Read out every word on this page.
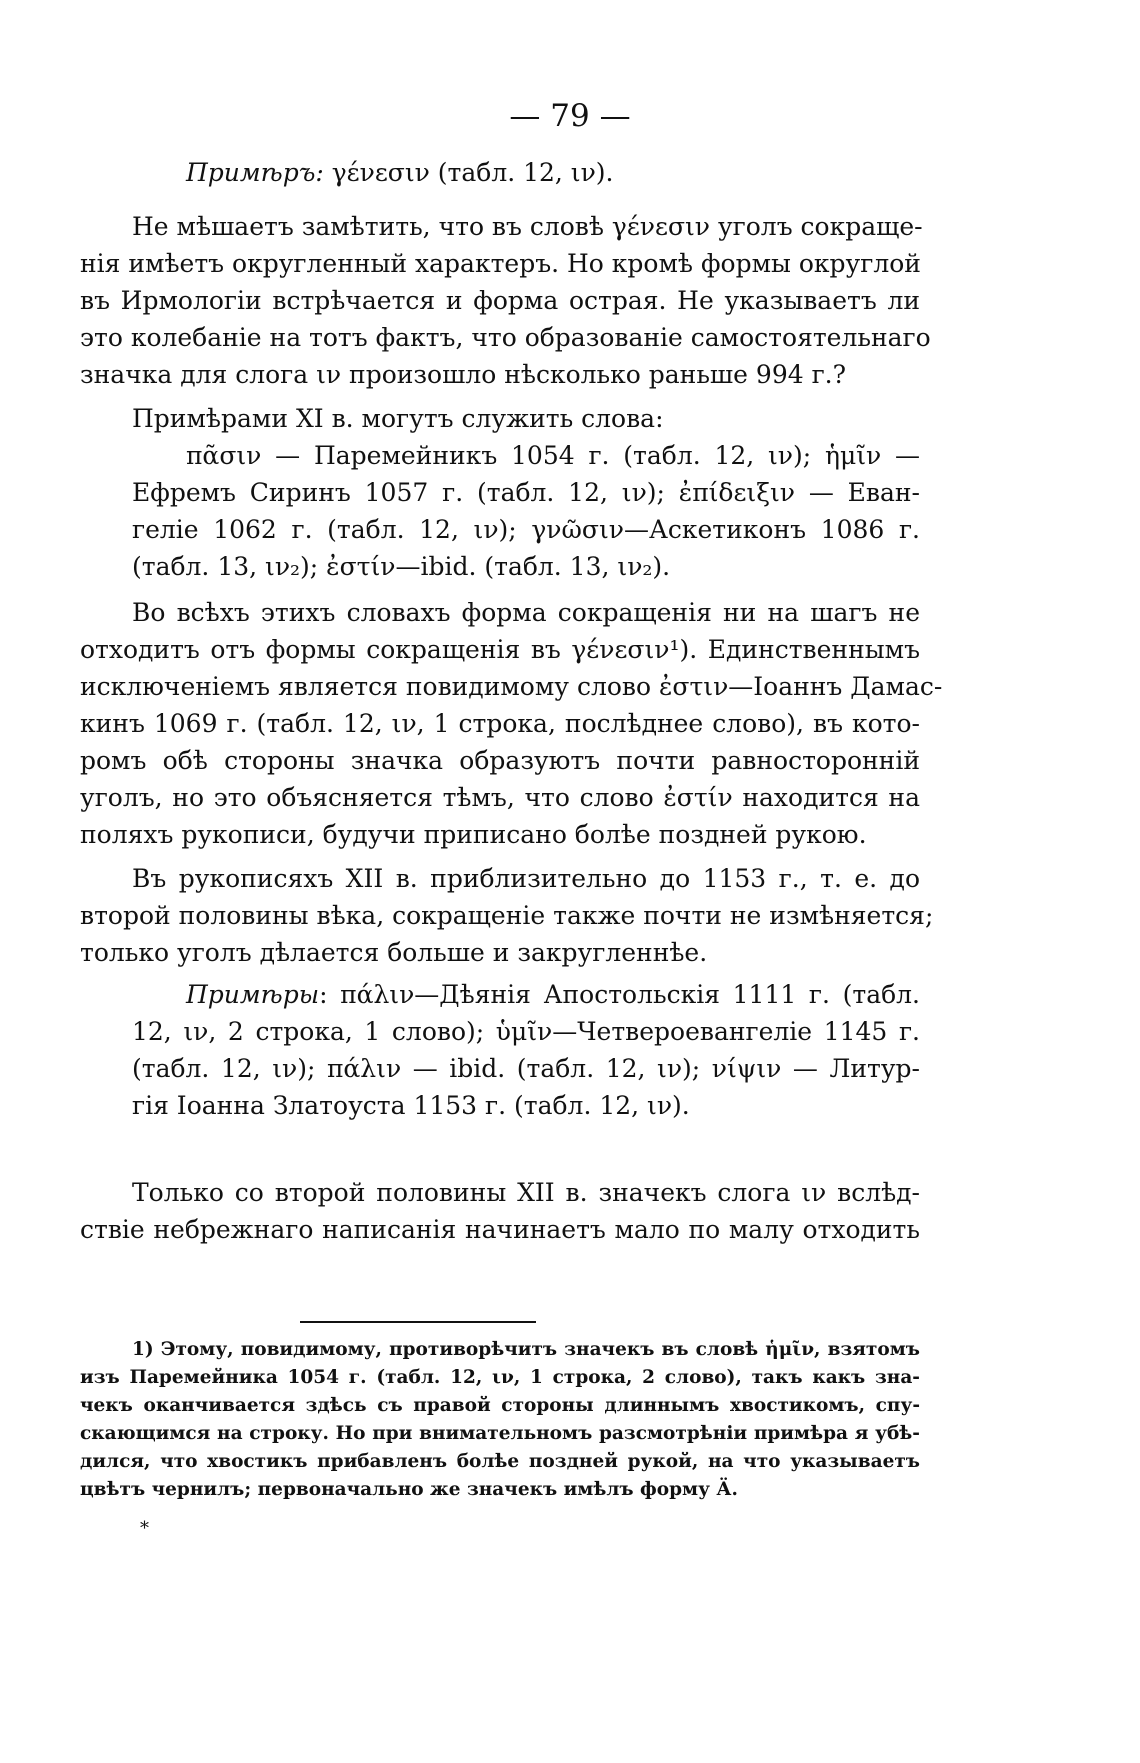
— 79 —
Примѣръ: γένεσιν (табл. 12, ιν).
Не мѣшаетъ замѣтить, что въ словѣ γένεσιν уголъ сокраще-
нія имѣетъ округленный характеръ. Но кромѣ формы округлой
въ Ирмологіи встрѣчается и форма острая. Не указываетъ ли
это колебаніе на тотъ фактъ, что образованіе самостоятельнаго
значка для слога ιν произошло нѣсколько раньше 994 г.?
Примѣрами XI в. могутъ служить слова:
πᾶσιν — Паремейникъ 1054 г. (табл. 12, ιν); ἡμῖν —
Ефремъ Сиринъ 1057 г. (табл. 12, ιν); ἐπίδειξιν — Еван-
геліе 1062 г. (табл. 12, ιν); γνῶσιν—Аскетиконъ 1086 г.
(табл. 13, ιν₂); ἐστίν—ibid. (табл. 13, ιν₂).
Во всѣхъ этихъ словахъ форма сокращенія ни на шагъ не
отходитъ отъ формы сокращенія въ γένεσιν¹). Единственнымъ
исключеніемъ является повидимому слово ἐστιν—Іоаннъ Дамас-
кинъ 1069 г. (табл. 12, ιν, 1 строка, послѣднее слово), въ кото-
ромъ обѣ стороны значка образуютъ почти равносторонній
уголъ, но это объясняется тѣмъ, что слово ἐστίν находится на
поляхъ рукописи, будучи приписано болѣе поздней рукою.
Въ рукописяхъ XII в. приблизительно до 1153 г., т. е. до
второй половины вѣка, сокращеніе также почти не измѣняется;
только уголъ дѣлается больше и закругленнѣе.
Примѣры: πάλιν—Дѣянія Апостольскія 1111 г. (табл.
12, ιν, 2 строка, 1 слово); ὑμῖν—Четвероевангеліе 1145 г.
(табл. 12, ιν); πάλιν — ibid. (табл. 12, ιν); νίψιν — Литур-
гія Іоанна Златоуста 1153 г. (табл. 12, ιν).
Только со второй половины XII в. значекъ слога ιν вслѣд-
ствіе небрежнаго написанія начинаетъ мало по малу отходить
1) Этому, повидимому, противорѣчитъ значекъ въ словѣ ἡμῖν, взятомъ
изъ Паремейника 1054 г. (табл. 12, ιν, 1 строка, 2 слово), такъ какъ зна-
чекъ оканчивается здѣсь съ правой стороны длиннымъ хвостикомъ, спу-
скающимся на строку. Но при внимательномъ разсмотрѣніи примѣра я убѣ-
дился, что хвостикъ прибавленъ болѣе поздней рукой, на что указываетъ
цвѣтъ чернилъ; первоначально же значекъ имѣлъ форму Ӓ.
*
